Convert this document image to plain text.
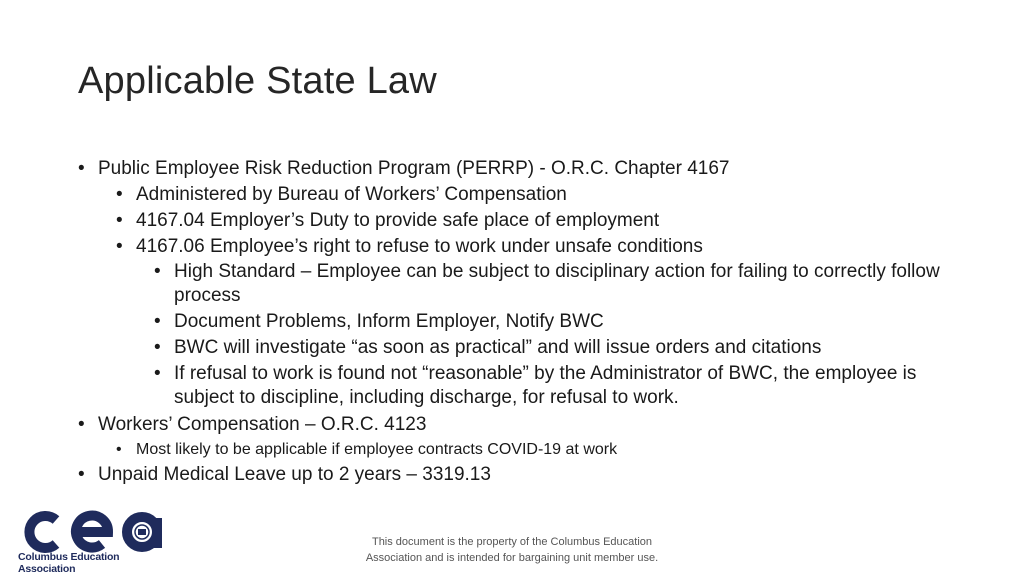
Applicable State Law
• Public Employee Risk Reduction Program (PERRP) - O.R.C. Chapter 4167
• Administered by Bureau of Workers’ Compensation
• 4167.04 Employer’s Duty to provide safe place of employment
• 4167.06 Employee’s right to refuse to work under unsafe conditions
• High Standard – Employee can be subject to disciplinary action for failing to correctly follow process
• Document Problems, Inform Employer, Notify BWC
• BWC will investigate “as soon as practical” and will issue orders and citations
• If refusal to work is found not “reasonable” by the Administrator of BWC, the employee is subject to discipline, including discharge, for refusal to work.
• Workers’ Compensation – O.R.C. 4123
• Most likely to be applicable if employee contracts COVID-19 at work
• Unpaid Medical Leave up to 2 years – 3319.13
Columbus Education Association
This document is the property of the Columbus Education
Association and is intended for bargaining unit member use.
